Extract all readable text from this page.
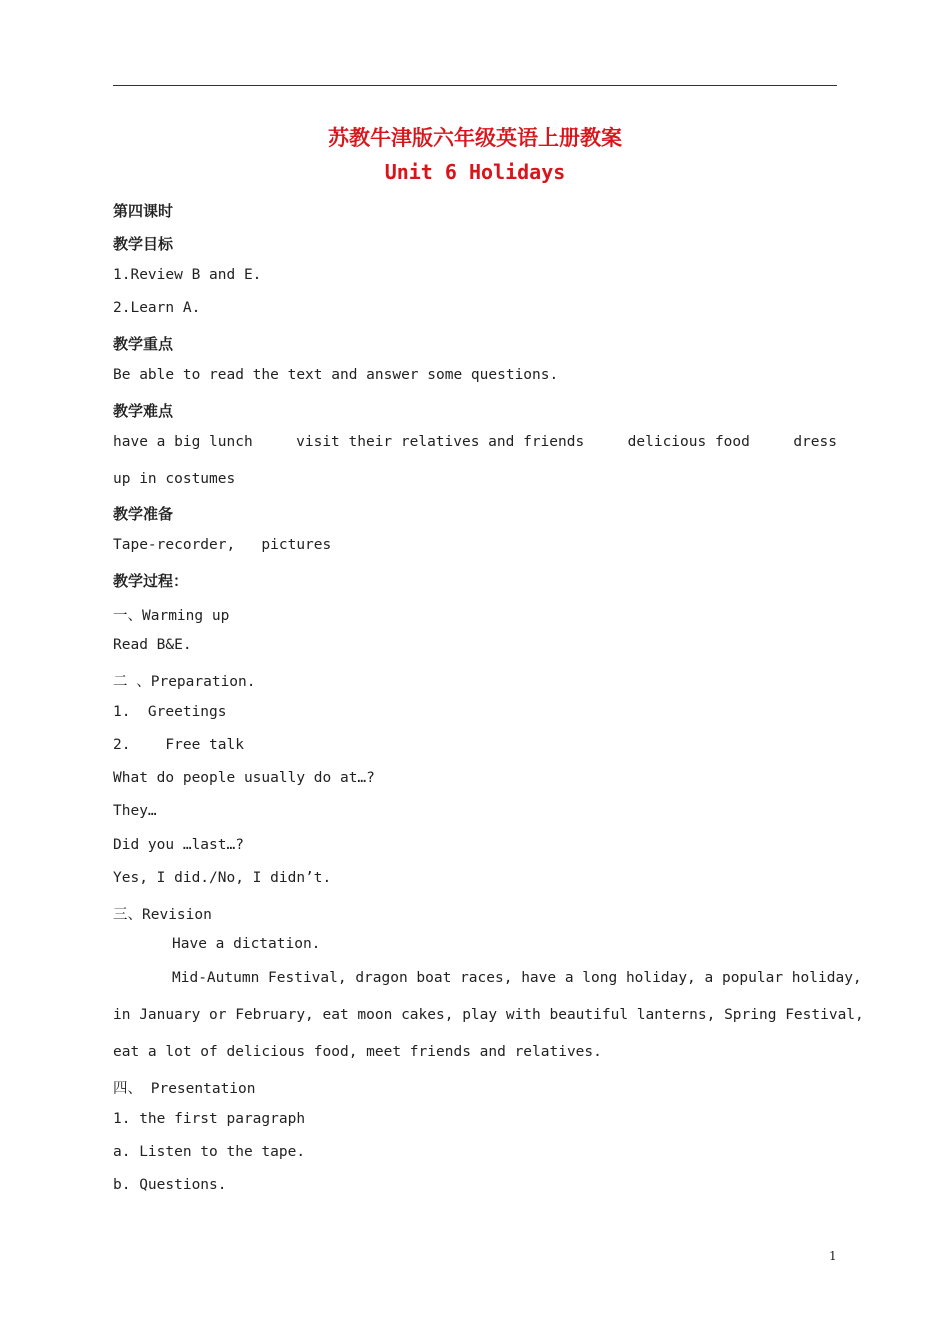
苏教牛津版六年级英语上册教案
Unit 6 Holidays
第四课时
教学目标
1.Review B and E.
2.Learn A.
教学重点
Be able to read the text and answer some questions.
教学难点
have a big lunch	visit their relatives and friends	delicious food	dress
up in costumes
教学准备
Tape-recorder,   pictures
教学过程：
一、Warming up
Read B&E.
二 、Preparation.
1.  Greetings
2.    Free talk
What do people usually do at…?
They…
Did you …last…?
Yes, I did./No, I didn’t.
三、Revision
Have a dictation.
Mid-Autumn Festival, dragon boat races, have a long holiday, a popular holiday,
in January or February, eat moon cakes, play with beautiful lanterns, Spring Festival,
eat a lot of delicious food, meet friends and relatives.
四、 Presentation
1. the first paragraph
a. Listen to the tape.
b. Questions.
1
